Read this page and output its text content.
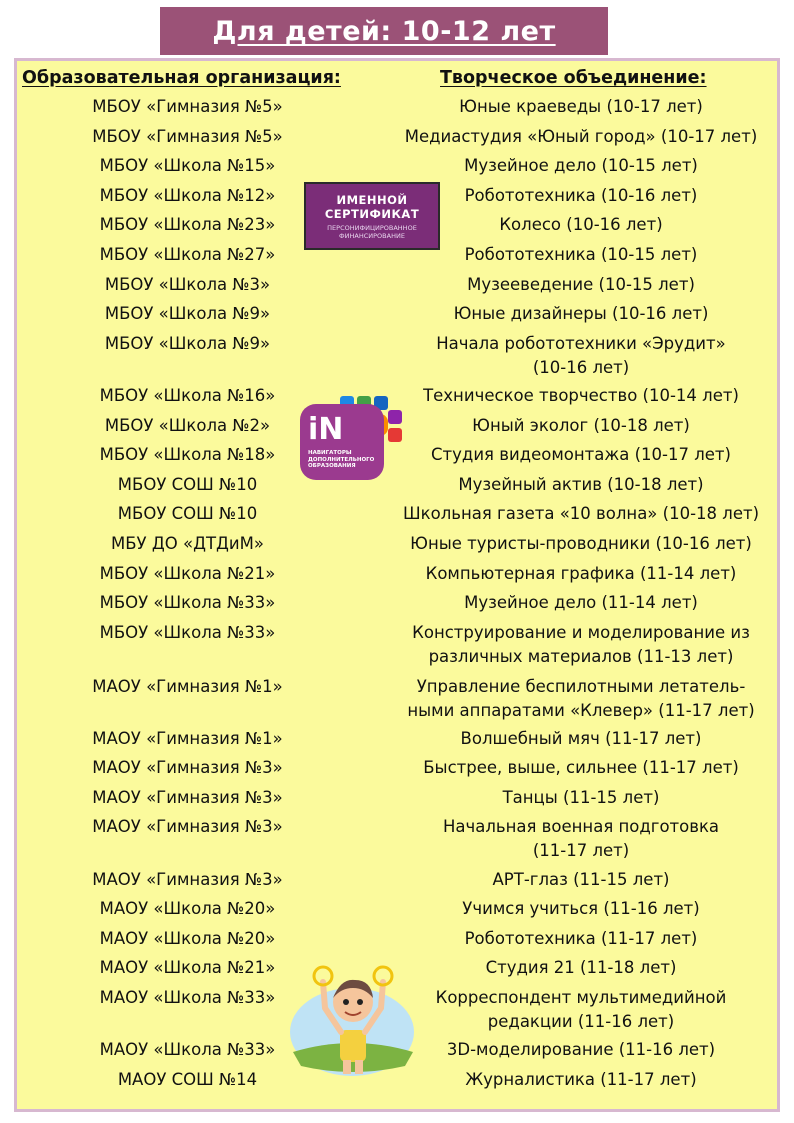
Для детей: 10-12 лет
Образовательная организация:	Творческое объединение:
МБОУ «Гимназия №5»	Юные краеведы (10-17 лет)
МБОУ «Гимназия №5»	Медиастудия «Юный город» (10-17 лет)
МБОУ «Школа №15»	Музейное дело (10-15 лет)
МБОУ «Школа №12»	Робототехника (10-16 лет)
МБОУ «Школа №23»	Колесо (10-16 лет)
МБОУ «Школа №27»	Робототехника (10-15 лет)
МБОУ «Школа №3»	Музееведение (10-15 лет)
МБОУ «Школа №9»	Юные дизайнеры (10-16 лет)
МБОУ «Школа №9»	Начала робототехники «Эрудит»
(10-16 лет)
МБОУ «Школа №16»	Техническое творчество (10-14 лет)
МБОУ «Школа №2»	Юный эколог (10-18 лет)
МБОУ «Школа №18»	Студия видеомонтажа (10-17 лет)
МБОУ СОШ №10	Музейный актив (10-18 лет)
МБОУ СОШ №10	Школьная газета «10 волна» (10-18 лет)
МБУ ДО «ДТДиМ»	Юные туристы-проводники (10-16 лет)
МБОУ «Школа №21»	Компьютерная графика (11-14 лет)
МБОУ «Школа №33»	Музейное дело (11-14 лет)
МБОУ «Школа №33»	Конструирование и моделирование из
различных материалов (11-13 лет)
МАОУ «Гимназия №1»	Управление беспилотными летатель-
ными аппаратами «Клевер» (11-17 лет)
МАОУ «Гимназия №1»	Волшебный мяч (11-17 лет)
МАОУ «Гимназия №3»	Быстрее, выше, сильнее (11-17 лет)
МАОУ «Гимназия №3»	Танцы (11-15 лет)
МАОУ «Гимназия №3»	Начальная военная подготовка
(11-17 лет)
МАОУ «Гимназия №3»	АРТ-глаз (11-15 лет)
МАОУ «Школа №20»	Учимся учиться (11-16 лет)
МАОУ «Школа №20»	Робототехника (11-17 лет)
МАОУ «Школа №21»	Студия 21 (11-18 лет)
МАОУ «Школа №33»	Корреспондент мультимедийной
редакции (11-16 лет)
МАОУ «Школа №33»	3D-моделирование (11-16 лет)
МАОУ СОШ №14	Журналистика (11-17 лет)
ИМЕННОЙ
СЕРТИФИКАТ
ПЕРСОНИФИЦИРОВАННОЕ
ФИНАНСИРОВАНИЕ
iN
НАВИГАТОРЫ
ДОПОЛНИТЕЛЬНОГО
ОБРАЗОВАНИЯ
